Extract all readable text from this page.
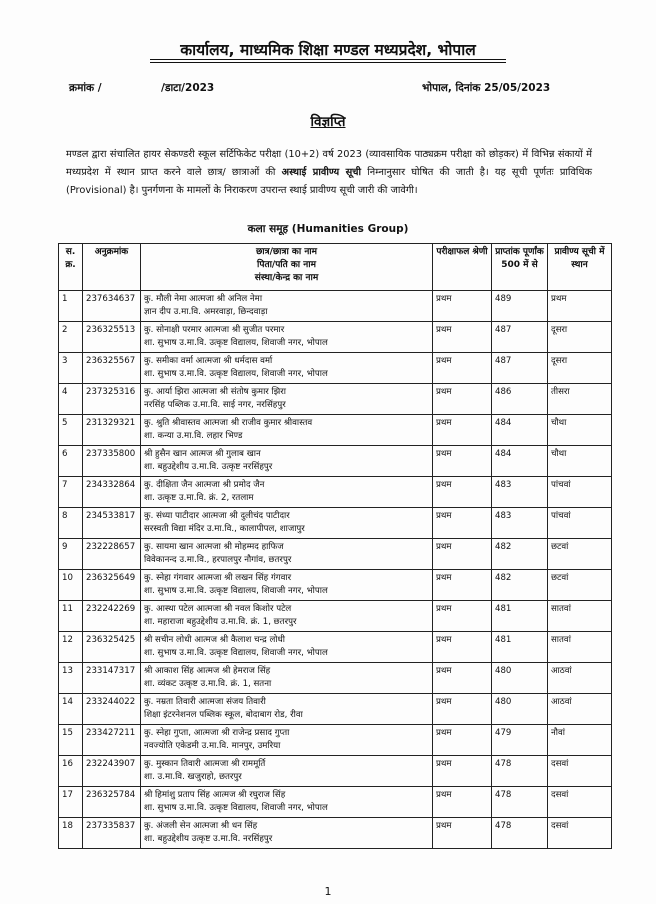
कार्यालय, माध्यमिक शिक्षा मण्डल मध्यप्रदेश, भोपाल
क्रमांक /	/डाटा/2023	भोपाल, दिनांक 25/05/2023
विज्ञप्ति
मण्डल द्वारा संचालित हायर सेकण्डरी स्कूल सर्टिफिकेट परीक्षा (10+2) वर्ष 2023 (व्यावसायिक पाठ्यक्रम परीक्षा को छोड़कर) में विभिन्न संकायों में मध्यप्रदेश में स्थान प्राप्त करने वाले छात्र/ छात्राओं की अस्थाई प्रावीण्य सूची निम्नानुसार घोषित की जाती है। यह सूची पूर्णतः प्राविधिक (Provisional) है। पुनर्गणना के मामलों के निराकरण उपरान्त स्थाई प्रावीण्य सूची जारी की जावेगी।
कला समूह (Humanities Group)
स. क्र.	अनुक्रमांक	छात्र/छात्रा का नाम
पिता/पति का नाम
संस्था/केन्द्र का नाम	परीक्षाफल श्रेणी	प्राप्तांक पूर्णांक 500 में से	प्रावीण्य सूची में स्थान
1	237634637	कु. मौली नेमा आत्मजा श्री अनिल नेमा
ज्ञान दीप उ.मा.वि. अमरवाड़ा, छिन्दवाड़ा	प्रथम	489	प्रथम
2	236325513	कु. सोनाक्षी परमार आत्मजा श्री सुजीत परमार
शा. सुभाष उ.मा.वि. उत्कृष्ट विद्यालय, शिवाजी नगर, भोपाल	प्रथम	487	दूसरा
3	236325567	कु. समीका वर्मा आत्मजा श्री धर्मदास वर्मा
शा. सुभाष उ.मा.वि. उत्कृष्ट विद्यालय, शिवाजी नगर, भोपाल	प्रथम	487	दूसरा
4	237325316	कु. आर्या झिरा आत्मजा श्री संतोष कुमार झिरा
नरसिंह पब्लिक उ.मा.वि. साई नगर, नरसिंहपुर	प्रथम	486	तीसरा
5	231329321	कु. श्रुति श्रीवास्तव आत्मजा श्री राजीव कुमार श्रीवास्तव
शा. कन्या उ.मा.वि. लहार भिण्ड	प्रथम	484	चौथा
6	237335800	श्री हुसैन खान आत्मज श्री गुलाब खान
शा. बहुउद्देशीय उ.मा.वि. उत्कृष्ट नरसिंहपुर	प्रथम	484	चौथा
7	234332864	कु. दीक्षिता जैन आत्मजा श्री प्रमोद जैन
शा. उत्कृष्ट उ.मा.वि. क्रं. 2, रतलाम	प्रथम	483	पांचवां
8	234533817	कु. संध्या पाटीदार आत्मजा श्री दुलीचंद पाटीदार
सरस्वती विद्या मंदिर उ.मा.वि., कालापीपल, शाजापुर	प्रथम	483	पांचवां
9	232228657	कु. सायमा खान आत्मजा श्री मोहम्मद हाफिज
विवेकानन्द उ.मा.वि., हरपालपुर नौगांव, छतरपुर	प्रथम	482	छटवां
10	236325649	कु. स्नेहा गंगवार आत्मजा श्री लखन सिंह गंगवार
शा. सुभाष उ.मा.वि. उत्कृष्ट विद्यालय, शिवाजी नगर, भोपाल	प्रथम	482	छटवां
11	232242269	कु. आस्था पटेल आत्मजा श्री नवल किशोर पटेल
शा. महाराजा बहुउद्देशीय उ.मा.वि. क्रं. 1, छतरपुर	प्रथम	481	सातवां
12	236325425	श्री सचीन लोधी आत्मज श्री कैलाश चन्द्र लोधी
शा. सुभाष उ.मा.वि. उत्कृष्ट विद्यालय, शिवाजी नगर, भोपाल	प्रथम	481	सातवां
13	233147317	श्री आकाश सिंह आत्मज श्री हेमराज सिंह
शा. व्यंकट उत्कृष्ट उ.मा.वि. क्रं. 1, सतना	प्रथम	480	आठवां
14	233244022	कु. नम्रता तिवारी आत्मजा संजय तिवारी
शिक्षा इंटरनेशनल पब्लिक स्कूल, बोदाबाग रोड, रीवा	प्रथम	480	आठवां
15	233427211	कु. स्नेहा गुप्ता, आत्मजा श्री राजेन्द्र प्रसाद गुप्ता
नवज्योति एकेडमी उ.मा.वि. मानपुर, उमरिया	प्रथम	479	नौवां
16	232243907	कु. मुस्कान तिवारी आत्मजा श्री राममूर्ति
शा. उ.मा.वि. खजुराहो, छतरपुर	प्रथम	478	दसवां
17	236325784	श्री हिमांशु प्रताप सिंह आत्मज श्री रघुराज सिंह
शा. सुभाष उ.मा.वि. उत्कृष्ट विद्यालय, शिवाजी नगर, भोपाल	प्रथम	478	दसवां
18	237335837	कु. अंजली सेन आत्मजा श्री धन सिंह
शा. बहुउद्देशीय उत्कृष्ट उ.मा.वि. नरसिंहपुर	प्रथम	478	दसवां
1
